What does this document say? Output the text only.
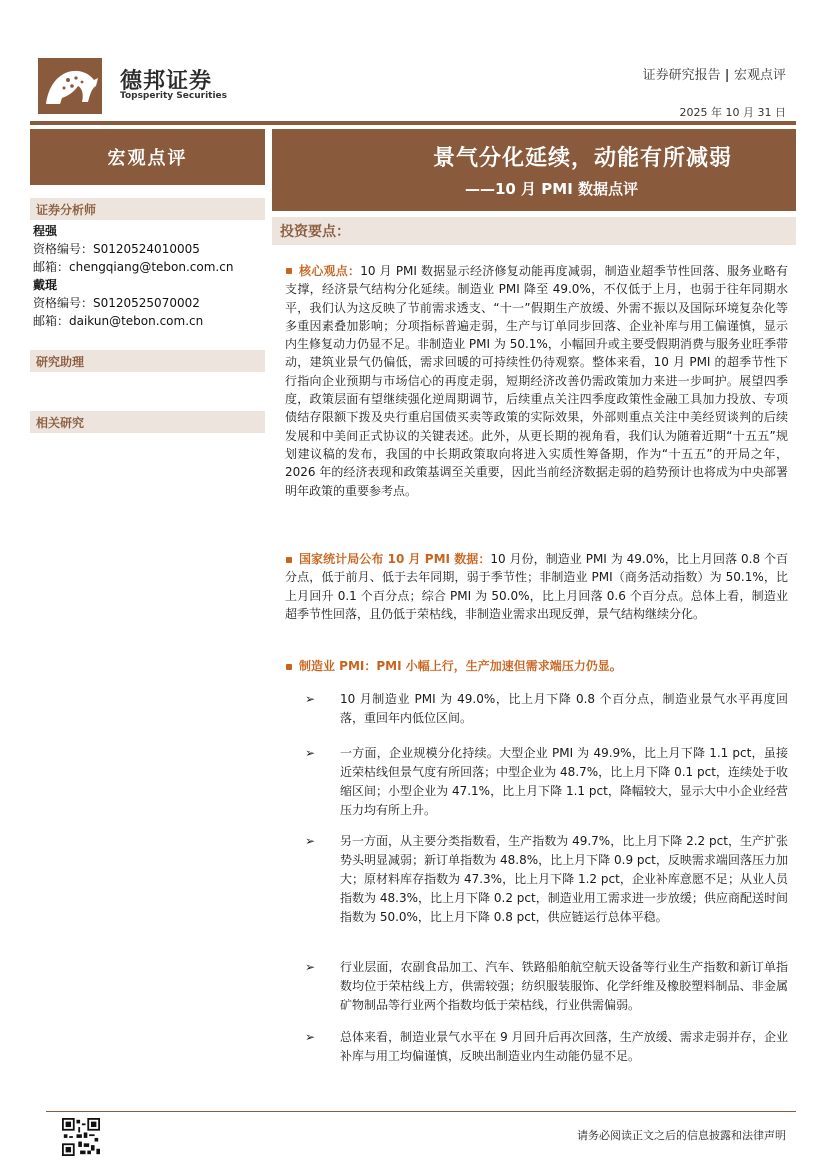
德邦证券
Topsperity Securities
证券研究报告 | 宏观点评
2025 年 10 月 31 日
宏观点评
证券分析师
程强
资格编号：S0120524010005
邮箱：chengqiang@tebon.com.cn
戴琨
资格编号：S0120525070002
邮箱：daikun@tebon.com.cn
研究助理
相关研究
景气分化延续，动能有所减弱
——10 月 PMI 数据点评
投资要点：
核心观点：10 月 PMI 数据显示经济修复动能再度减弱，制造业超季节性回落、服务业略有支撑，经济景气结构分化延续。制造业 PMI 降至 49.0%，不仅低于上月，也弱于往年同期水平，我们认为这反映了节前需求透支、“十一”假期生产放缓、外需不振以及国际环境复杂化等多重因素叠加影响；分项指标普遍走弱，生产与订单同步回落、企业补库与用工偏谨慎，显示内生修复动力仍显不足。非制造业 PMI 为 50.1%，小幅回升或主要受假期消费与服务业旺季带动，建筑业景气仍偏低，需求回暖的可持续性仍待观察。整体来看，10 月 PMI 的超季节性下行指向企业预期与市场信心的再度走弱，短期经济改善仍需政策加力来进一步呵护。展望四季度，政策层面有望继续强化逆周期调节，后续重点关注四季度政策性金融工具加力投放、专项债结存限额下拨及央行重启国债买卖等政策的实际效果，外部则重点关注中美经贸谈判的后续发展和中美间正式协议的关键表述。此外，从更长期的视角看，我们认为随着近期“十五五”规划建议稿的发布，我国的中长期政策取向将进入实质性筹备期，作为“十五五”的开局之年，2026 年的经济表现和政策基调至关重要，因此当前经济数据走弱的趋势预计也将成为中央部署明年政策的重要参考点。
国家统计局公布 10 月 PMI 数据：10 月份，制造业 PMI 为 49.0%，比上月回落 0.8 个百分点，低于前月、低于去年同期，弱于季节性；非制造业 PMI（商务活动指数）为 50.1%，比上月回升 0.1 个百分点；综合 PMI 为 50.0%，比上月回落 0.6 个百分点。总体上看，制造业超季节性回落，且仍低于荣枯线，非制造业需求出现反弹，景气结构继续分化。
制造业 PMI：PMI 小幅上行，生产加速但需求端压力仍显。
➢ 10 月制造业 PMI 为 49.0%，比上月下降 0.8 个百分点，制造业景气水平再度回落，重回年内低位区间。
➢ 一方面，企业规模分化持续。大型企业 PMI 为 49.9%，比上月下降 1.1 pct，虽接近荣枯线但景气度有所回落；中型企业为 48.7%，比上月下降 0.1 pct，连续处于收缩区间；小型企业为 47.1%，比上月下降 1.1 pct，降幅较大，显示大中小企业经营压力均有所上升。
➢ 另一方面，从主要分类指数看，生产指数为 49.7%，比上月下降 2.2 pct，生产扩张势头明显减弱；新订单指数为 48.8%，比上月下降 0.9 pct，反映需求端回落压力加大；原材料库存指数为 47.3%，比上月下降 1.2 pct，企业补库意愿不足；从业人员指数为 48.3%，比上月下降 0.2 pct，制造业用工需求进一步放缓；供应商配送时间指数为 50.0%，比上月下降 0.8 pct，供应链运行总体平稳。
➢ 行业层面，农副食品加工、汽车、铁路船舶航空航天设备等行业生产指数和新订单指数均位于荣枯线上方，供需较强；纺织服装服饰、化学纤维及橡胶塑料制品、非金属矿物制品等行业两个指数均低于荣枯线，行业供需偏弱。
➢ 总体来看，制造业景气水平在 9 月回升后再次回落，生产放缓、需求走弱并存，企业补库与用工均偏谨慎，反映出制造业内生动能仍显不足。
请务必阅读正文之后的信息披露和法律声明
